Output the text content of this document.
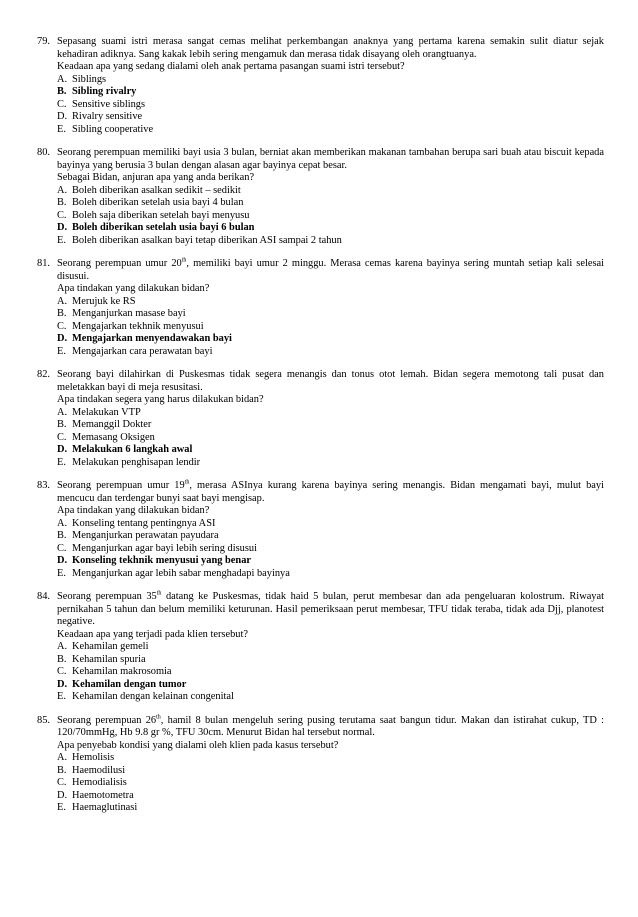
79. Sepasang suami istri merasa sangat cemas melihat perkembangan anaknya yang pertama karena semakin sulit diatur sejak kehadiran adiknya. Sang kakak lebih sering mengamuk dan merasa tidak disayang oleh orangtuanya.
Keadaan apa yang sedang dialami oleh anak pertama pasangan suami istri tersebut?
A. Siblings
B. Sibling rivalry
C. Sensitive siblings
D. Rivalry sensitive
E. Sibling cooperative
80. Seorang perempuan memiliki bayi usia 3 bulan, berniat akan memberikan makanan tambahan berupa sari buah atau biscuit kepada bayinya yang berusia 3 bulan dengan alasan agar bayinya cepat besar.
Sebagai Bidan, anjuran apa yang anda berikan?
A. Boleh diberikan asalkan sedikit – sedikit
B. Boleh diberikan setelah usia bayi 4 bulan
C. Boleh saja diberikan setelah bayi menyusu
D. Boleh diberikan setelah usia bayi 6 bulan
E. Boleh diberikan asalkan bayi tetap diberikan ASI sampai 2 tahun
81. Seorang perempuan umur 20th, memiliki bayi umur 2 minggu. Merasa cemas karena bayinya sering muntah setiap kali selesai disusui.
Apa tindakan yang dilakukan bidan?
A. Merujuk ke RS
B. Menganjurkan masase bayi
C. Mengajarkan tekhnik menyusui
D. Mengajarkan menyendawakan bayi
E. Mengajarkan cara perawatan bayi
82. Seorang bayi dilahirkan di Puskesmas tidak segera menangis dan tonus otot lemah. Bidan segera memotong tali pusat dan meletakkan bayi di meja resusitasi.
Apa tindakan segera yang harus dilakukan bidan?
A. Melakukan VTP
B. Memanggil Dokter
C. Memasang Oksigen
D. Melakukan 6 langkah awal
E. Melakukan penghisapan lendir
83. Seorang perempuan umur 19th, merasa ASInya kurang karena bayinya sering menangis. Bidan mengamati bayi, mulut bayi mencucu dan terdengar bunyi saat bayi mengisap.
Apa tindakan yang dilakukan bidan?
A. Konseling tentang pentingnya ASI
B. Menganjurkan perawatan payudara
C. Menganjurkan agar bayi lebih sering disusui
D. Konseling tekhnik menyusui yang benar
E. Menganjurkan agar lebih sabar menghadapi bayinya
84. Seorang perempuan 35th datang ke Puskesmas, tidak haid 5 bulan, perut membesar dan ada pengeluaran kolostrum. Riwayat pernikahan 5 tahun dan belum memiliki keturunan. Hasil pemeriksaan perut membesar, TFU tidak teraba, tidak ada Djj, planotest negative.
Keadaan apa yang terjadi pada klien tersebut?
A. Kehamilan gemeli
B. Kehamilan spuria
C. Kehamilan makrosomia
D. Kehamilan dengan tumor
E. Kehamilan dengan kelainan congenital
85. Seorang perempuan 26th, hamil 8 bulan mengeluh sering pusing terutama saat bangun tidur. Makan dan istirahat cukup, TD : 120/70mmHg, Hb 9.8 gr %, TFU 30cm. Menurut Bidan hal tersebut normal.
Apa penyebab kondisi yang dialami oleh klien pada kasus tersebut?
A. Hemolisis
B. Haemodilusi
C. Hemodialisis
D. Haemotometra
E. Haemaglutinasi
